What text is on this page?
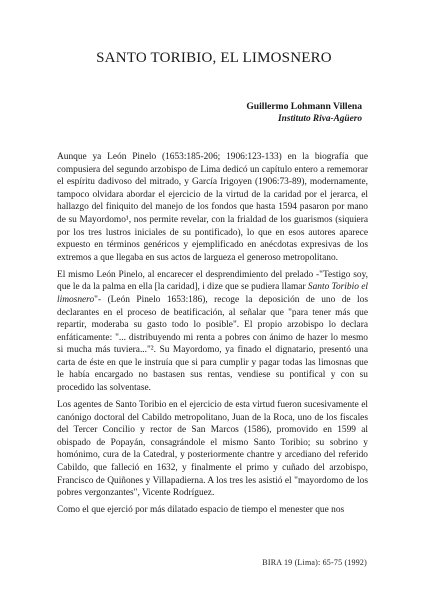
SANTO TORIBIO, EL LIMOSNERO
Guillermo Lohmann Villena
Instituto Riva-Agüero

Aunque ya León Pinelo (1653:185-206; 1906:123-133) en la biografía que compusiera del segundo arzobispo de Lima dedicó un capítulo entero a rememorar el espíritu dadivoso del mitrado, y García Irigoyen (1906:73-89), modernamente, tampoco olvidara abordar el ejercicio de la virtud de la caridad por el jerarca, el hallazgo del finiquito del manejo de los fondos que hasta 1594 pasaron por mano de su Mayordomo¹, nos permite revelar, con la frialdad de los guarismos (siquiera por los tres lustros iniciales de su pontificado), lo que en esos autores aparece expuesto en términos genéricos y ejemplificado en anécdotas expresivas de los extremos a que llegaba en sus actos de largueza el generoso metropolitano.

El mismo León Pinelo, al encarecer el desprendimiento del prelado -"Testigo soy, que le da la palma en ella [la caridad], i dize que se pudiera llamar Santo Toribio el limosnero"- (León Pinelo 1653:186), recoge la deposición de uno de los declarantes en el proceso de beatificación, al señalar que "para tener más que repartir, moderaba su gasto todo lo posible". El propio arzobispo lo declara enfáticamente: "... distribuyendo mi renta a pobres con ánimo de hazer lo mesmo si mucha más tuviera..."². Su Mayordomo, ya finado el dignatario, presentó una carta de éste en que le instruía que si para cumplir y pagar todas las limosnas que le había encargado no bastasen sus rentas, vendiese su pontifical y con su procedido las solventase.

Los agentes de Santo Toribio en el ejercicio de esta virtud fueron sucesivamente el canónigo doctoral del Cabildo metropolitano, Juan de la Roca, uno de los fiscales del Tercer Concilio y rector de San Marcos (1586), promovido en 1599 al obispado de Popayán, consagrándole el mismo Santo Toribio; su sobrino y homónimo, cura de la Catedral, y posteriormente chantre y arcediano del referido Cabildo, que falleció en 1632, y finalmente el primo y cuñado del arzobispo, Francisco de Quiñones y Villapadierna. A los tres les asistió el "mayordomo de los pobres vergonzantes", Vicente Rodríguez.

Como el que ejerció por más dilatado espacio de tiempo el menester que nos

BIRA 19 (Lima): 65-75 (1992)
